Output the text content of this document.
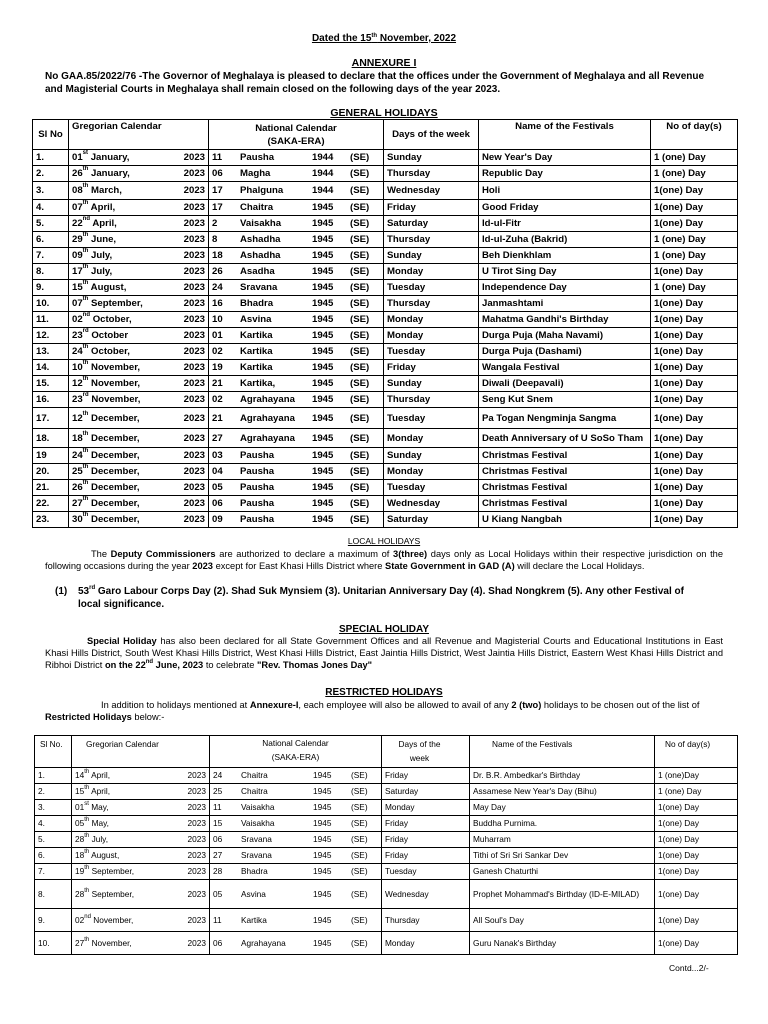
Dated the 15th November, 2022
ANNEXURE I
No GAA.85/2022/76 -The Governor of Meghalaya is pleased to declare that the offices under the Government of Meghalaya and all Revenue and Magisterial Courts in Meghalaya shall remain closed on the following days of the year 2023.
GENERAL HOLIDAYS
Sl No	Gregorian Calendar	National Calendar (SAKA-ERA)	Days of the week	Name of the Festivals	No of day(s)
1.	01st January, 2023	11 Pausha 1944 (SE)	Sunday	New Year's Day	1 (one) Day
2.	26th January, 2023	06 Magha 1944 (SE)	Thursday	Republic Day	1 (one) Day
3.	08th March, 2023	17 Phalguna 1944 (SE)	Wednesday	Holi	1(one) Day
4.	07th April, 2023	17 Chaitra 1945 (SE)	Friday	Good Friday	1(one) Day
5.	22nd April, 2023	2 Vaisakha 1945 (SE)	Saturday	Id-ul-Fitr	1(one) Day
6.	29th June, 2023	8 Ashadha 1945 (SE)	Thursday	Id-ul-Zuha (Bakrid)	1 (one) Day
7.	09th July, 2023	18 Ashadha 1945 (SE)	Sunday	Beh Dienkhlam	1 (one) Day
8.	17th July, 2023	26 Asadha 1945 (SE)	Monday	U Tirot Sing Day	1(one) Day
9.	15th August, 2023	24 Sravana 1945 (SE)	Tuesday	Independence Day	1 (one) Day
10.	07th September, 2023	16 Bhadra 1945 (SE)	Thursday	Janmashtami	1(one) Day
11.	02nd October, 2023	10 Asvina 1945 (SE)	Monday	Mahatma Gandhi's Birthday	1(one) Day
12.	23rd October 2023	01 Kartika 1945 (SE)	Monday	Durga Puja (Maha Navami)	1(one) Day
13.	24th October, 2023	02 Kartika 1945 (SE)	Tuesday	Durga Puja (Dashami)	1(one) Day
14.	10th November, 2023	19 Kartika 1945 (SE)	Friday	Wangala Festival	1(one) Day
15.	12th November, 2023	21 Kartika, 1945 (SE)	Sunday	Diwali (Deepavali)	1(one) Day
16.	23rd November, 2023	02 Agrahayana 1945 (SE)	Thursday	Seng Kut Snem	1(one) Day
17.	12th December, 2023	21 Agrahayana 1945 (SE)	Tuesday	Pa Togan Nengminja Sangma	1(one) Day
18.	18th December, 2023	27 Agrahayana 1945 (SE)	Monday	Death Anniversary of U SoSo Tham	1(one) Day
19	24th December, 2023	03 Pausha 1945 (SE)	Sunday	Christmas Festival	1(one) Day
20.	25th December, 2023	04 Pausha 1945 (SE)	Monday	Christmas Festival	1(one) Day
21.	26th December, 2023	05 Pausha 1945 (SE)	Tuesday	Christmas Festival	1(one) Day
22.	27th December, 2023	06 Pausha 1945 (SE)	Wednesday	Christmas Festival	1(one) Day
23.	30th December, 2023	09 Pausha 1945 (SE)	Saturday	U Kiang Nangbah	1(one) Day
LOCAL HOLIDAYS
The Deputy Commissioners are authorized to declare a maximum of 3(three) days only as Local Holidays within their respective jurisdiction on the following occasions during the year 2023 except for East Khasi Hills District where State Government in GAD (A) will declare the Local Holidays.
(1) 53rd Garo Labour Corps Day (2). Shad Suk Mynsiem (3). Unitarian Anniversary Day (4). Shad Nongkrem (5). Any other Festival of local significance.
SPECIAL HOLIDAY
Special Holiday has also been declared for all State Government Offices and all Revenue and Magisterial Courts and Educational Institutions in East Khasi Hills District, South West Khasi Hills District, West Khasi Hills District, East Jaintia Hills District, West Jaintia Hills District, Eastern West Khasi Hills District and Ribhoi District on the 22nd June, 2023 to celebrate "Rev. Thomas Jones Day"
RESTRICTED HOLIDAYS
In addition to holidays mentioned at Annexure-I, each employee will also be allowed to avail of any 2 (two) holidays to be chosen out of the list of Restricted Holidays below:-
Sl No.	Gregorian Calendar	National Calendar (SAKA-ERA)	Days of the week	Name of the Festivals	No of day(s)
1.	14th April, 2023	24 Chaitra 1945 (SE)	Friday	Dr. B.R. Ambedkar's Birthday	1 (one)Day
2.	15th April, 2023	25 Chaitra 1945 (SE)	Saturday	Assamese New Year's Day (Bihu)	1 (one) Day
3.	01st May, 2023	11 Vaisakha 1945 (SE)	Monday	May Day	1(one) Day
4.	05th May, 2023	15 Vaisakha 1945 (SE)	Friday	Buddha Purnima.	1(one) Day
5.	28th July, 2023	06 Sravana 1945 (SE)	Friday	Muharram	1(one) Day
6.	18th August, 2023	27 Sravana 1945 (SE)	Friday	Tithi of Sri Sri Sankar Dev	1(one) Day
7.	19th September, 2023	28 Bhadra 1945 (SE)	Tuesday	Ganesh Chaturthi	1(one) Day
8.	28th September, 2023	05 Asvina 1945 (SE)	Wednesday	Prophet Mohammad's Birthday (ID-E-MILAD)	1(one) Day
9.	02nd November, 2023	11 Kartika 1945 (SE)	Thursday	All Soul's Day	1(one) Day
10.	27th November, 2023	06 Agrahayana 1945 (SE)	Monday	Guru Nanak's Birthday	1(one) Day
Contd...2/-
